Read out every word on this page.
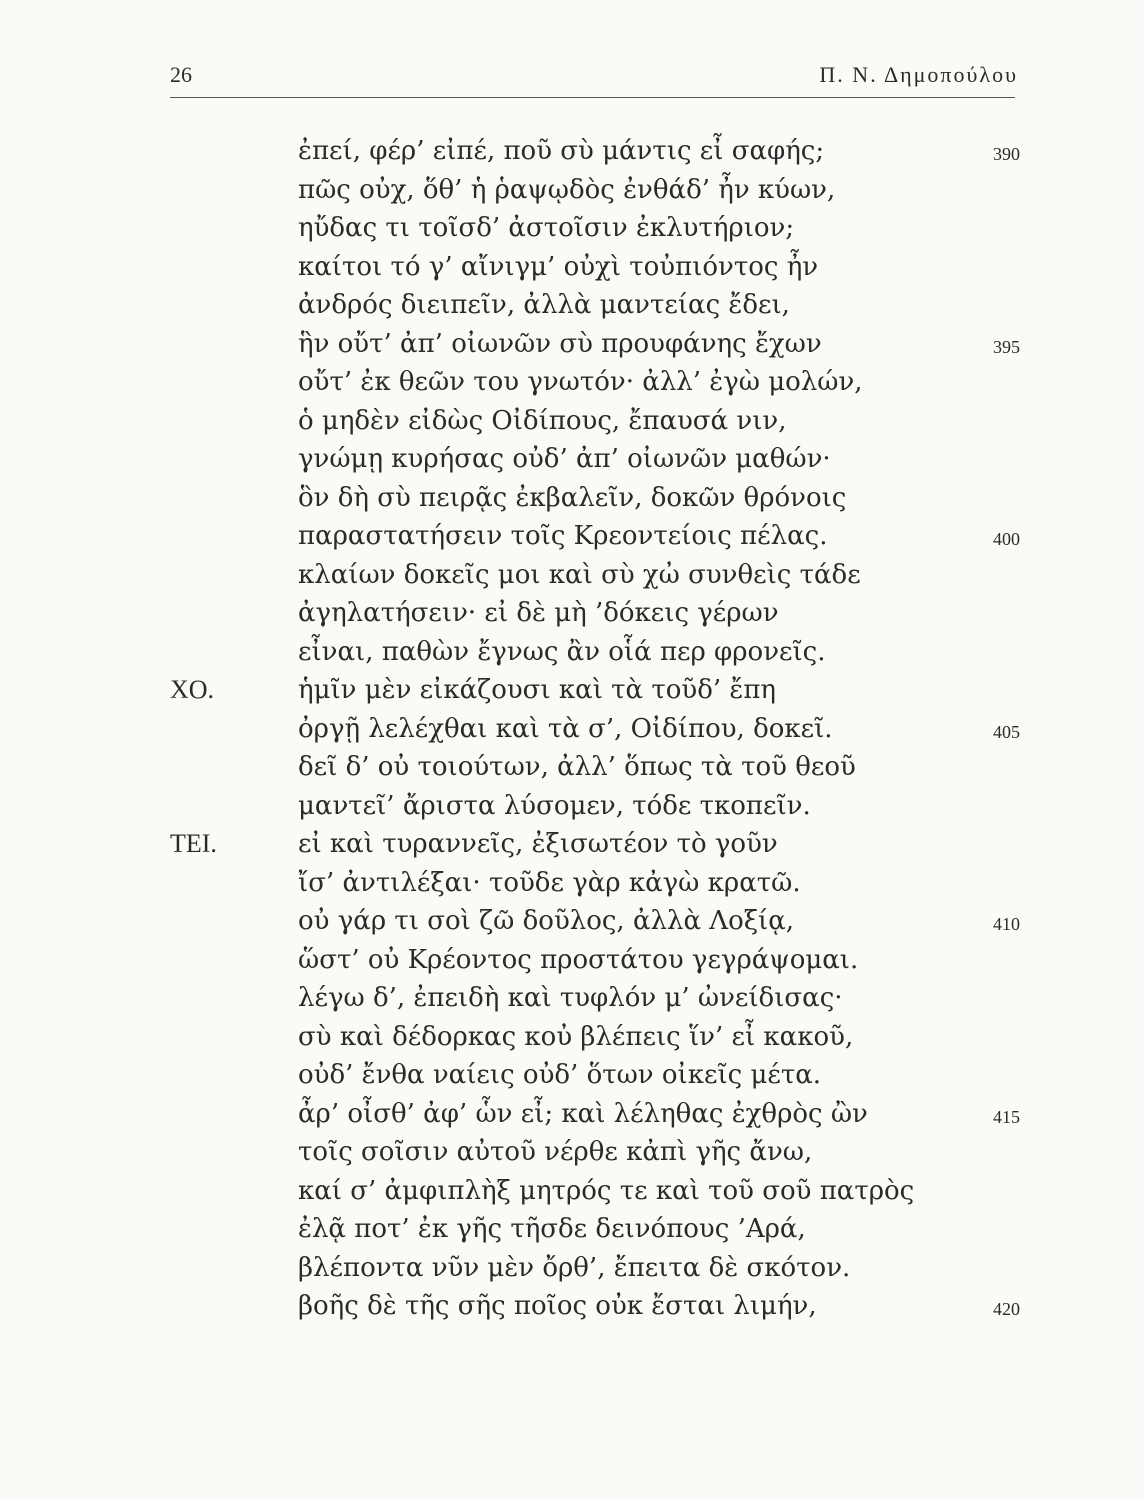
26	Π. Ν. Δημοπούλου
ἐπεί, φέρ’ εἰπέ, ποῦ σὺ μάντις εἶ σαφής;	390
πῶς οὐχ, ὅθ’ ἡ ῥαψῳδὸς ἐνθάδ’ ἦν κύων,
ηὔδας τι τοῖσδ’ ἀστοῖσιν ἐκλυτήριον;
καίτοι τό γ’ αἴνιγμ’ οὐχὶ τοὐπιόντος ἦν
ἀνδρός διειπεῖν, ἀλλὰ μαντείας ἔδει,
ἣν οὔτ’ ἀπ’ οἰωνῶν σὺ προυφάνης ἔχων	395
οὔτ’ ἐκ θεῶν του γνωτόν· ἀλλ’ ἐγὼ μολών,
ὁ μηδὲν εἰδὼς Οἰδίπους, ἔπαυσά νιν,
γνώμῃ κυρήσας οὐδ’ ἀπ’ οἰωνῶν μαθών·
ὃν δὴ σὺ πειρᾷς ἐκβαλεῖν, δοκῶν θρόνοις
παραστατήσειν τοῖς Κρεοντείοις πέλας.	400
κλαίων δοκεῖς μοι καὶ σὺ χὠ συνθεὶς τάδε
ἀγηλατήσειν· εἰ δὲ μὴ ’δόκεις γέρων
εἶναι, παθὼν ἔγνως ἂν οἷά περ φρονεῖς.
ΧΟ.	ἡμῖν μὲν εἰκάζουσι καὶ τὰ τοῦδ’ ἔπη
ὀργῇ λελέχθαι καὶ τὰ σ’, Οἰδίπου, δοκεῖ.	405
δεῖ δ’ οὐ τοιούτων, ἀλλ’ ὅπως τὰ τοῦ θεοῦ
μαντεῖ’ ἄριστα λύσομεν, τόδε τκοπεῖν.
ΤΕΙ.	εἰ καὶ τυραννεῖς, ἐξισωτέον τὸ γοῦν
ἴσ’ ἀντιλέξαι· τοῦδε γὰρ κἀγὼ κρατῶ.
οὐ γάρ τι σοὶ ζῶ δοῦλος, ἀλλὰ Λοξίᾳ,	410
ὥστ’ οὐ Κρέοντος προστάτου γεγράψομαι.
λέγω δ’, ἐπειδὴ καὶ τυφλόν μ’ ὠνείδισας·
σὺ καὶ δέδορκας κοὐ βλέπεις ἵν’ εἶ κακοῦ,
οὐδ’ ἔνθα ναίεις οὐδ’ ὅτων οἰκεῖς μέτα.
ἆρ’ οἶσθ’ ἀφ’ ὧν εἶ; καὶ λέληθας ἐχθρὸς ὢν	415
τοῖς σοῖσιν αὐτοῦ νέρθε κἀπὶ γῆς ἄνω,
καί σ’ ἀμφιπλὴξ μητρός τε καὶ τοῦ σοῦ πατρὸς
ἐλᾷ ποτ’ ἐκ γῆς τῆσδε δεινόπους ’Αρά,
βλέποντα νῦν μὲν ὄρθ’, ἔπειτα δὲ σκότον.
βοῆς δὲ τῆς σῆς ποῖος οὐκ ἔσται λιμήν,	420
